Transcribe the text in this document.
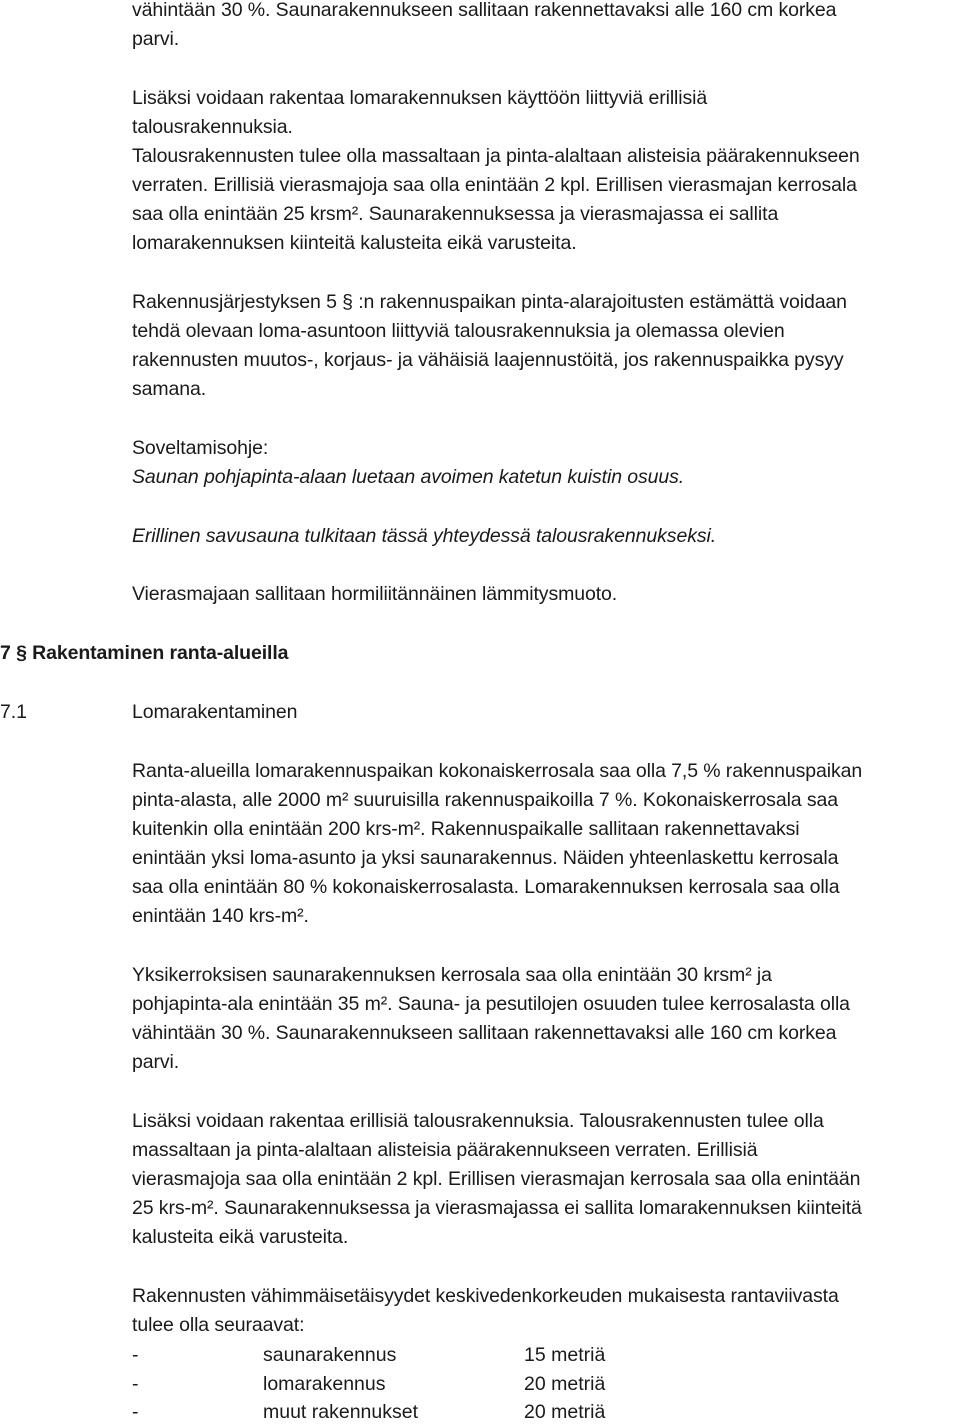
vähintään 30 %. Saunarakennukseen sallitaan rakennettavaksi alle 160 cm korkea
parvi.
Lisäksi voidaan rakentaa lomarakennuksen käyttöön liittyviä erillisiä
talousrakennuksia.
Talousrakennusten tulee olla massaltaan ja pinta-alaltaan alisteisia päärakennukseen
verraten. Erillisiä vierasmajoja saa olla enintään 2 kpl. Erillisen vierasmajan kerrosala
saa olla enintään 25 krsm². Saunarakennuksessa ja vierasmajassa ei sallita
lomarakennuksen kiinteitä kalusteita eikä varusteita.
Rakennusjärjestyksen 5 § :n rakennuspaikan pinta-alarajoitusten estämättä voidaan
tehdä olevaan loma-asuntoon liittyviä talousrakennuksia ja olemassa olevien
rakennusten muutos-, korjaus- ja vähäisiä laajennustöitä, jos rakennuspaikka pysyy
samana.
Soveltamisohje:
Saunan pohjapinta-alaan luetaan avoimen katetun kuistin osuus.
Erillinen savusauna tulkitaan tässä yhteydessä talousrakennukseksi.
Vierasmajaan sallitaan hormiliitännäinen lämmitysmuoto.
7 § Rakentaminen ranta-alueilla
7.1	Lomarakentaminen
Ranta-alueilla lomarakennuspaikan kokonaiskerrosala saa olla 7,5 % rakennuspaikan
pinta-alasta, alle 2000 m² suuruisilla rakennuspaikoilla 7 %. Kokonaiskerrosala saa
kuitenkin olla enintään 200 krs-m². Rakennuspaikalle sallitaan rakennettavaksi
enintään yksi loma-asunto ja yksi saunarakennus. Näiden yhteenlaskettu kerrosala
saa olla enintään 80 % kokonaiskerrosalasta. Lomarakennuksen kerrosala saa olla
enintään 140 krs-m².
Yksikerroksisen saunarakennuksen kerrosala saa olla enintään 30 krsm² ja
pohjapinta-ala enintään 35 m². Sauna- ja pesutilojen osuuden tulee kerrosalasta olla
vähintään 30 %. Saunarakennukseen sallitaan rakennettavaksi alle 160 cm korkea
parvi.
Lisäksi voidaan rakentaa erillisiä talousrakennuksia. Talousrakennusten tulee olla
massaltaan ja pinta-alaltaan alisteisia päärakennukseen verraten. Erillisiä
vierasmajoja saa olla enintään 2 kpl. Erillisen vierasmajan kerrosala saa olla enintään
25 krs-m². Saunarakennuksessa ja vierasmajassa ei sallita lomarakennuksen kiinteitä
kalusteita eikä varusteita.
Rakennusten vähimmäisetäisyydet keskivedenkorkeuden mukaisesta rantaviivasta
tulee olla seuraavat:
-	saunarakennus	15 metriä
-	lomarakennus	20 metriä
-	muut rakennukset	20 metriä
